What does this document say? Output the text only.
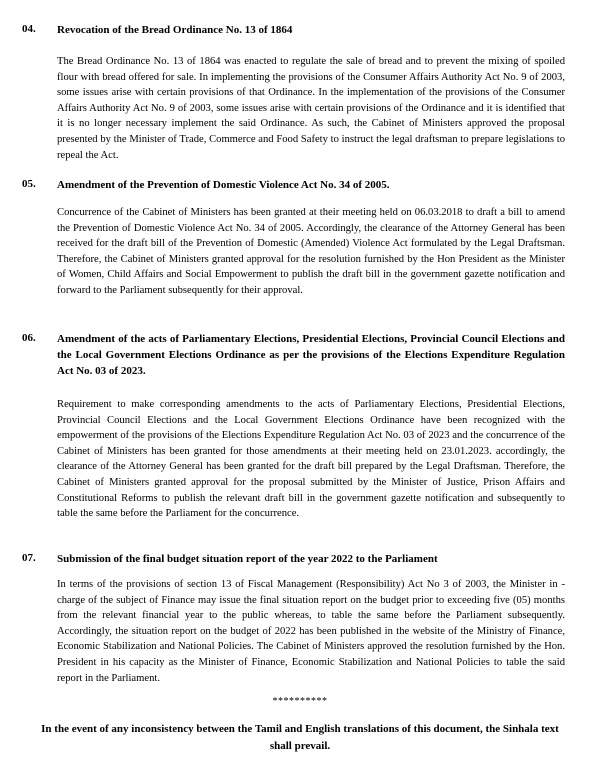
04. Revocation of the Bread Ordinance No. 13 of 1864
The Bread Ordinance No. 13 of 1864 was enacted to regulate the sale of bread and to prevent the mixing of spoiled flour with bread offered for sale. In implementing the provisions of the Consumer Affairs Authority Act No. 9 of 2003, some issues arise with certain provisions of that Ordinance. In the implementation of the provisions of the Consumer Affairs Authority Act No. 9 of 2003, some issues arise with certain provisions of the Ordinance and it is identified that it is no longer necessary implement the said Ordinance. As such, the Cabinet of Ministers approved the proposal presented by the Minister of Trade, Commerce and Food Safety to instruct the legal draftsman to prepare legislations to repeal the Act.
05. Amendment of the Prevention of Domestic Violence Act No. 34 of 2005.
Concurrence of the Cabinet of Ministers has been granted at their meeting held on 06.03.2018 to draft a bill to amend the Prevention of Domestic Violence Act No. 34 of 2005. Accordingly, the clearance of the Attorney General has been received for the draft bill of the Prevention of Domestic (Amended) Violence Act formulated by the Legal Draftsman. Therefore, the Cabinet of Ministers granted approval for the resolution furnished by the Hon President as the Minister of Women, Child Affairs and Social Empowerment to publish the draft bill in the government gazette notification and forward to the Parliament subsequently for their approval.
06. Amendment of the acts of Parliamentary Elections, Presidential Elections, Provincial Council Elections and the Local Government Elections Ordinance as per the provisions of the Elections Expenditure Regulation Act No. 03 of 2023.
Requirement to make corresponding amendments to the acts of Parliamentary Elections, Presidential Elections, Provincial Council Elections and the Local Government Elections Ordinance have been recognized with the empowerment of the provisions of the Elections Expenditure Regulation Act No. 03 of 2023 and the concurrence of the Cabinet of Ministers has been granted for those amendments at their meeting held on 23.01.2023. accordingly, the clearance of the Attorney General has been granted for the draft bill prepared by the Legal Draftsman. Therefore, the Cabinet of Ministers granted approval for the proposal submitted by the Minister of Justice, Prison Affairs and Constitutional Reforms to publish the relevant draft bill in the government gazette notification and subsequently to table the same before the Parliament for the concurrence.
07. Submission of the final budget situation report of the year 2022 to the Parliament
In terms of the provisions of section 13 of Fiscal Management (Responsibility) Act No 3 of 2003, the Minister in - charge of the subject of Finance may issue the final situation report on the budget prior to exceeding five (05) months from the relevant financial year to the public whereas, to table the same before the Parliament subsequently. Accordingly, the situation report on the budget of 2022 has been published in the website of the Ministry of Finance, Economic Stabilization and National Policies. The Cabinet of Ministers approved the resolution furnished by the Hon. President in his capacity as the Minister of Finance, Economic Stabilization and National Policies to table the said report in the Parliament.
**********
In the event of any inconsistency between the Tamil and English translations of this document, the Sinhala text shall prevail.
